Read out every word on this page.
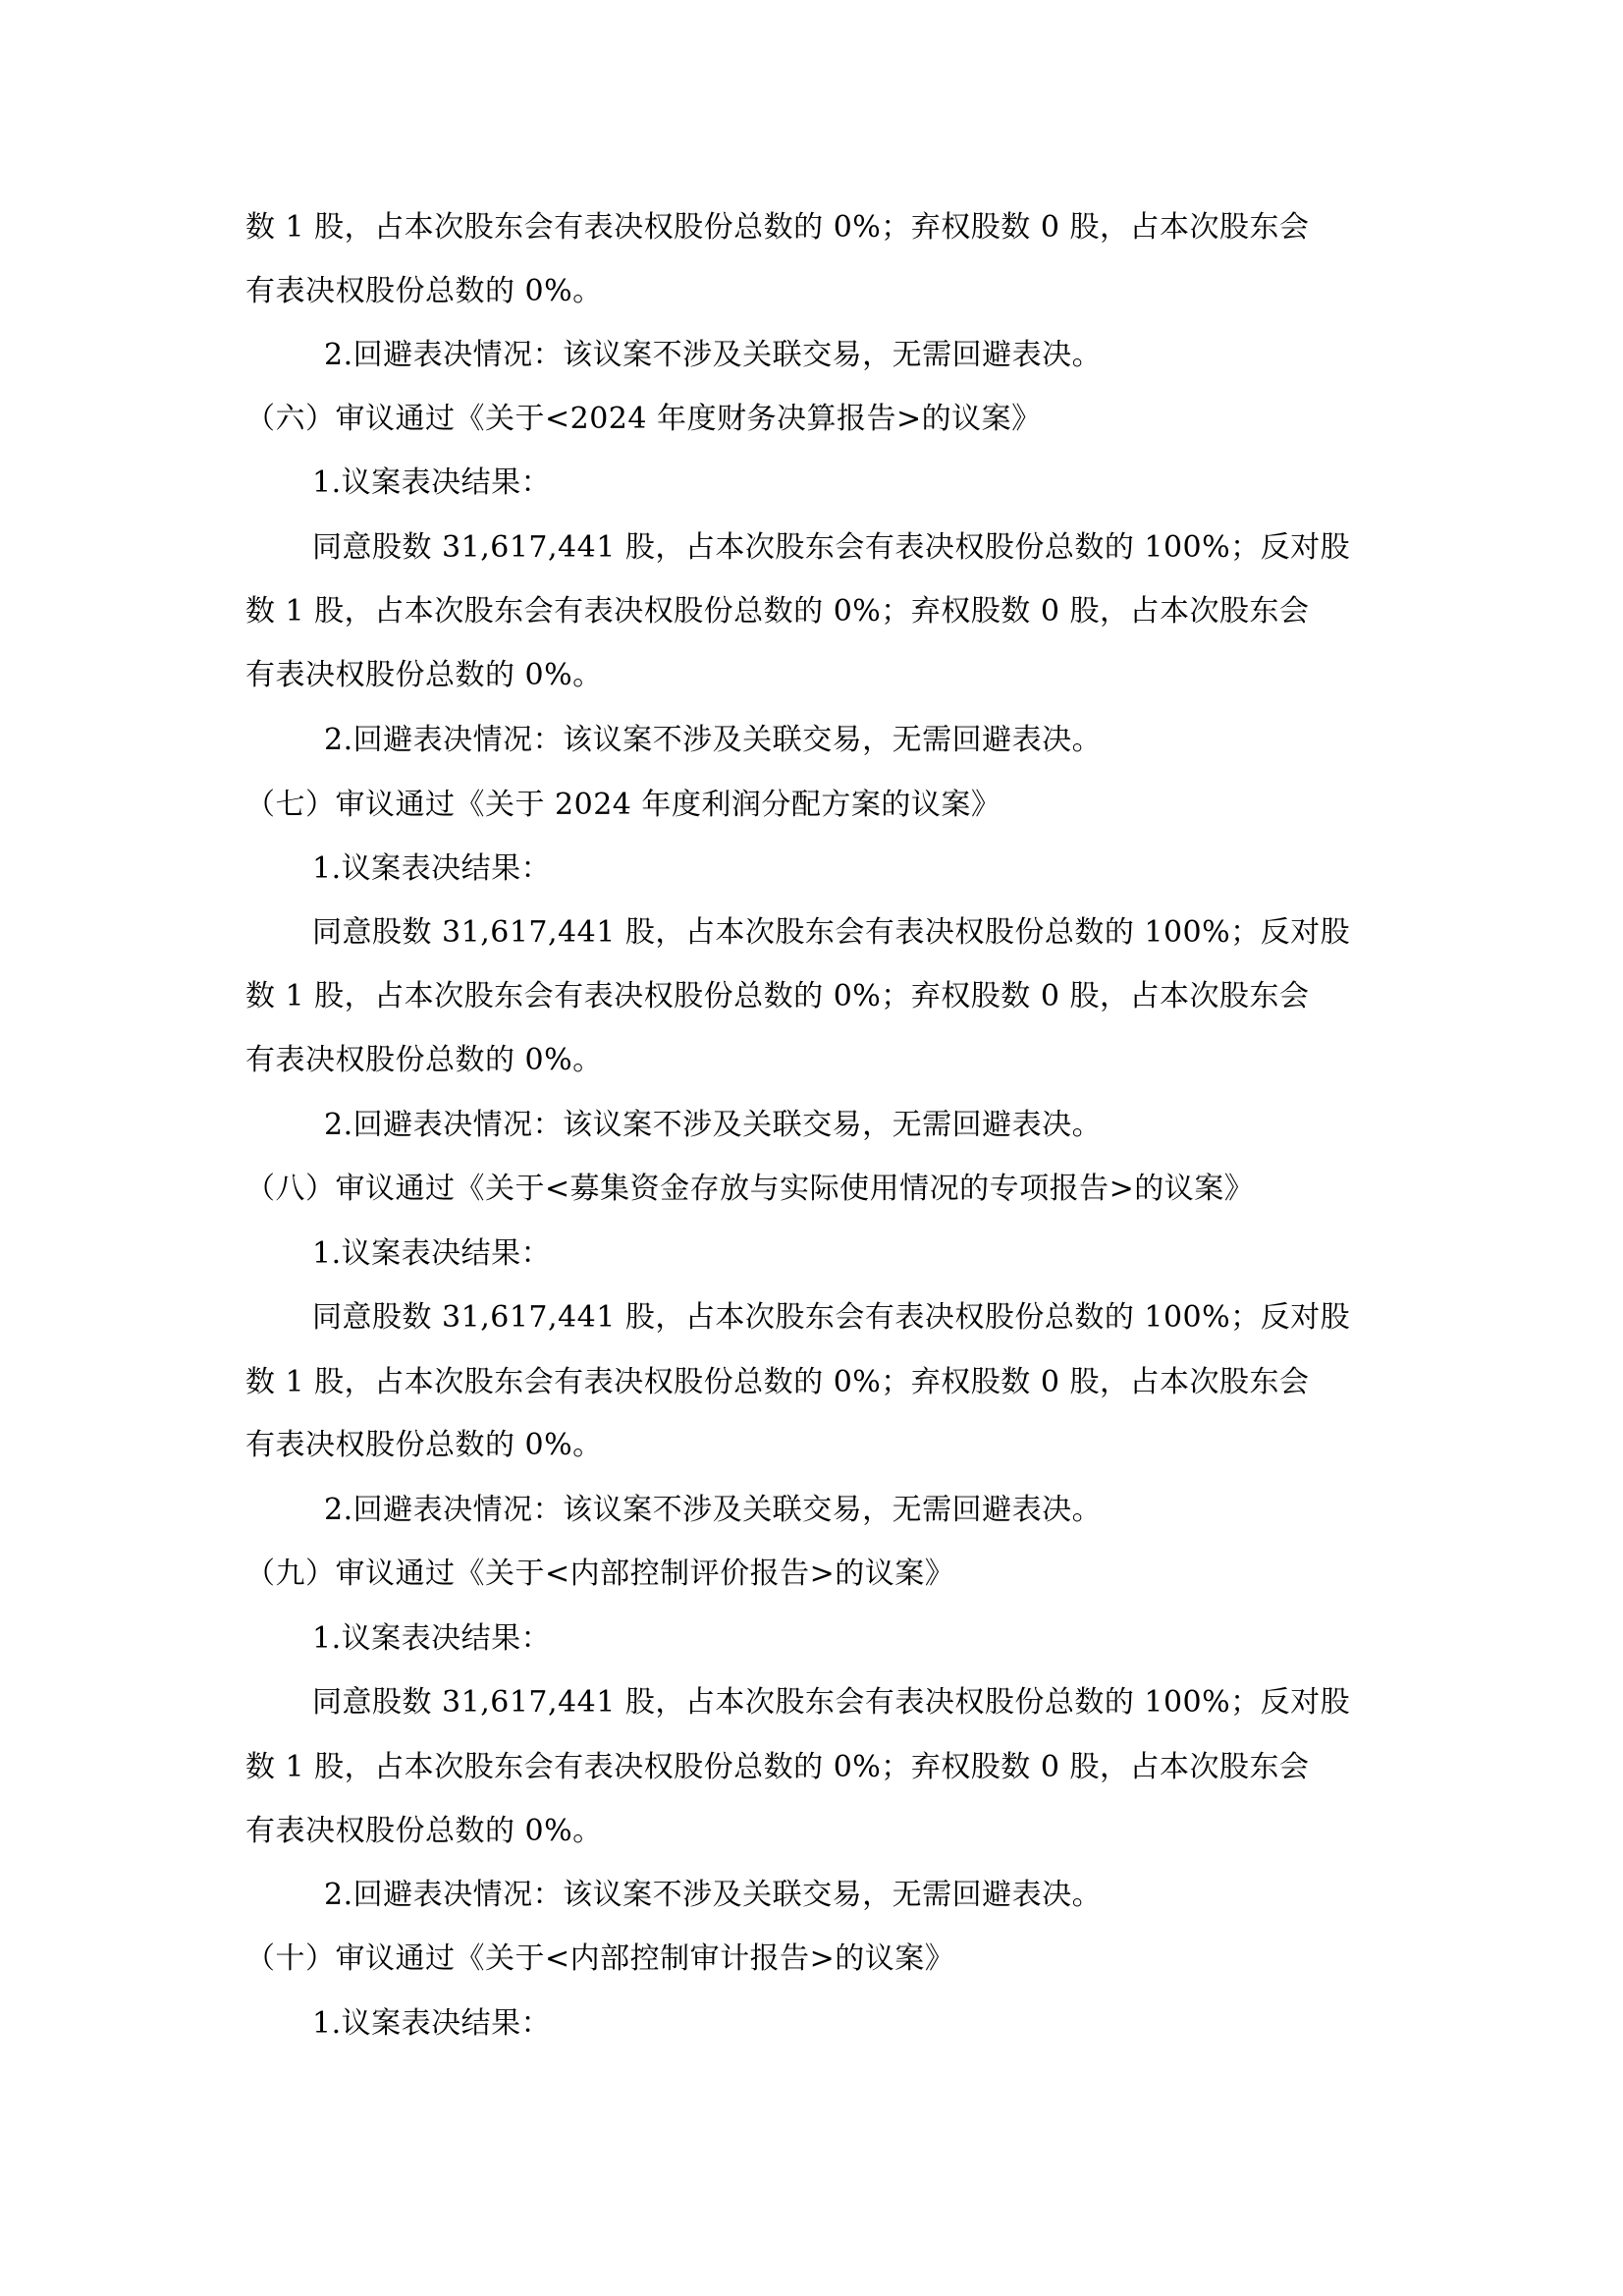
数 1 股，占本次股东会有表决权股份总数的 0%；弃权股数 0 股，占本次股东会
有表决权股份总数的 0%。
2.回避表决情况：该议案不涉及关联交易，无需回避表决。
（六）审议通过《关于<2024 年度财务决算报告>的议案》
1.议案表决结果：
同意股数 31,617,441 股，占本次股东会有表决权股份总数的 100%；反对股
数 1 股，占本次股东会有表决权股份总数的 0%；弃权股数 0 股，占本次股东会
有表决权股份总数的 0%。
2.回避表决情况：该议案不涉及关联交易，无需回避表决。
（七）审议通过《关于 2024 年度利润分配方案的议案》
1.议案表决结果：
同意股数 31,617,441 股，占本次股东会有表决权股份总数的 100%；反对股
数 1 股，占本次股东会有表决权股份总数的 0%；弃权股数 0 股，占本次股东会
有表决权股份总数的 0%。
2.回避表决情况：该议案不涉及关联交易，无需回避表决。
（八）审议通过《关于<募集资金存放与实际使用情况的专项报告>的议案》
1.议案表决结果：
同意股数 31,617,441 股，占本次股东会有表决权股份总数的 100%；反对股
数 1 股，占本次股东会有表决权股份总数的 0%；弃权股数 0 股，占本次股东会
有表决权股份总数的 0%。
2.回避表决情况：该议案不涉及关联交易，无需回避表决。
（九）审议通过《关于<内部控制评价报告>的议案》
1.议案表决结果：
同意股数 31,617,441 股，占本次股东会有表决权股份总数的 100%；反对股
数 1 股，占本次股东会有表决权股份总数的 0%；弃权股数 0 股，占本次股东会
有表决权股份总数的 0%。
2.回避表决情况：该议案不涉及关联交易，无需回避表决。
（十）审议通过《关于<内部控制审计报告>的议案》
1.议案表决结果：
